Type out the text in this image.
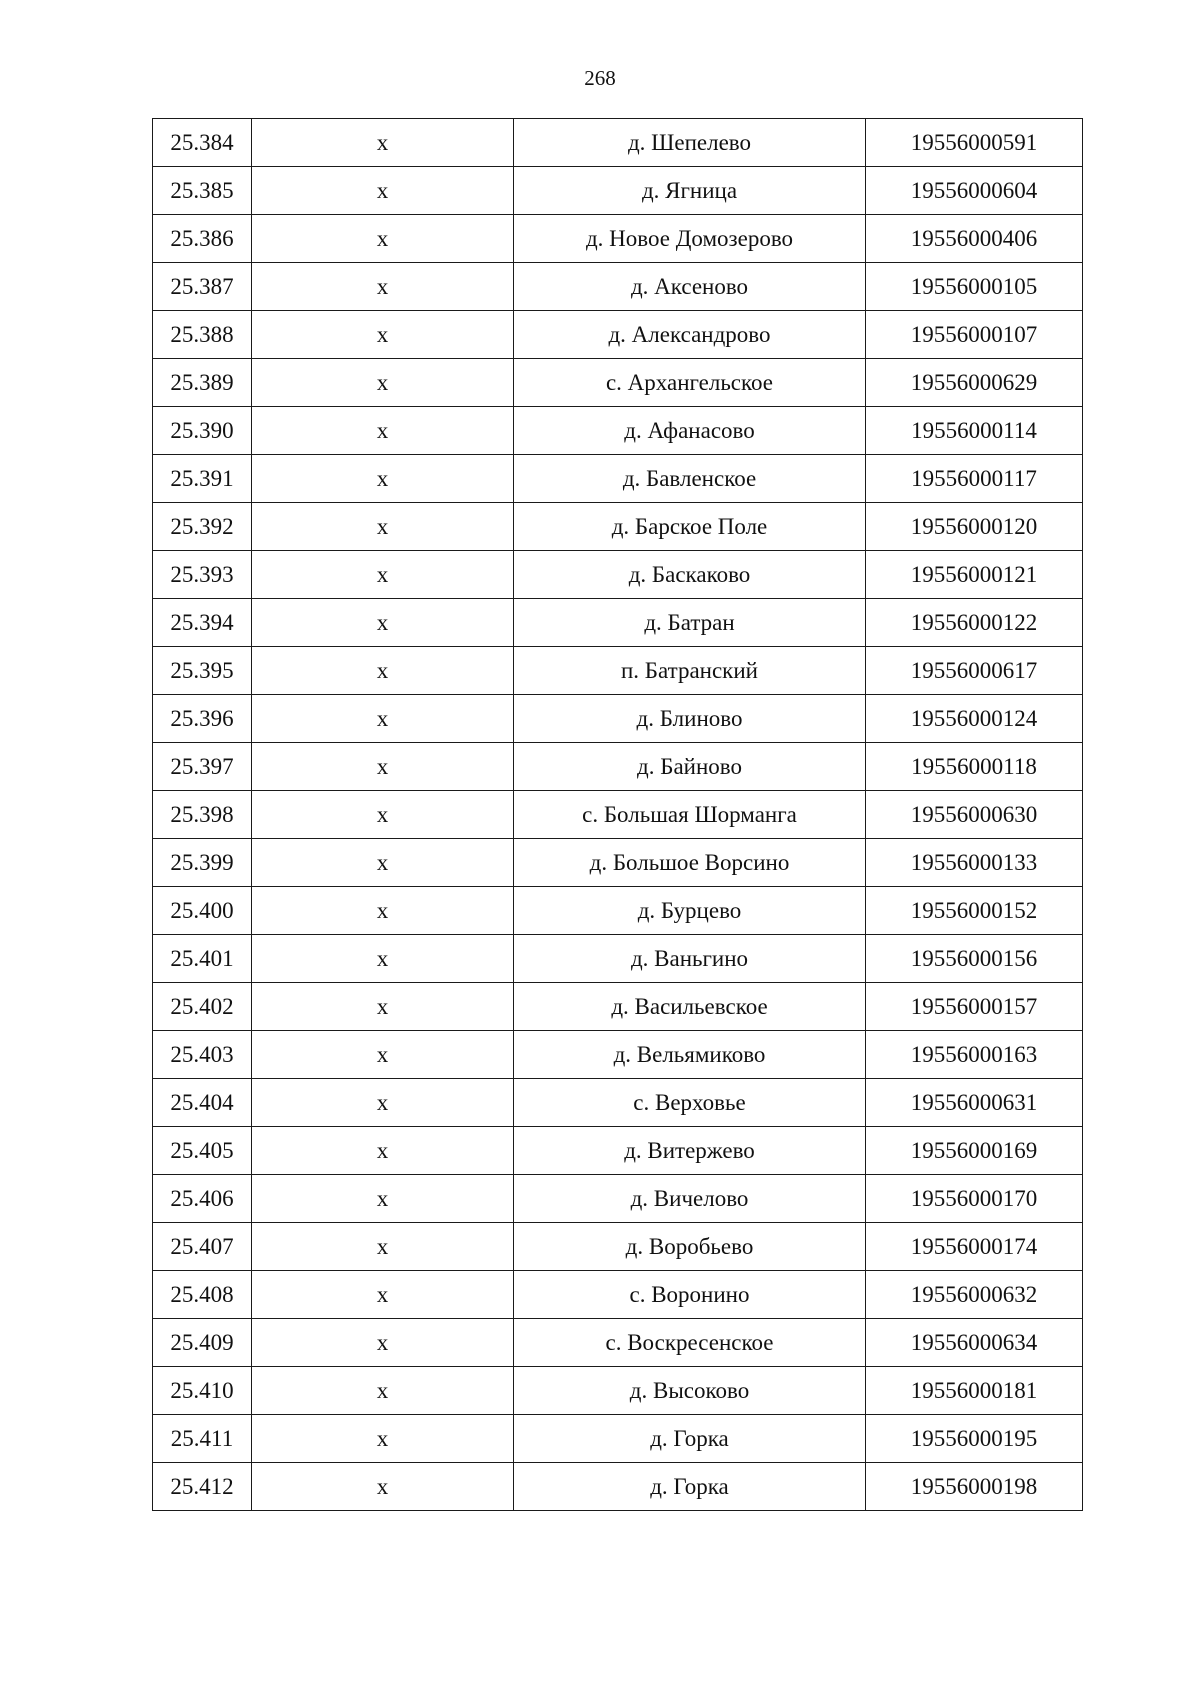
268
25.384	x	д. Шепелево	19556000591
25.385	x	д. Ягница	19556000604
25.386	x	д. Новое Домозерово	19556000406
25.387	x	д. Аксеново	19556000105
25.388	x	д. Александрово	19556000107
25.389	x	с. Архангельское	19556000629
25.390	x	д. Афанасово	19556000114
25.391	x	д. Бавленское	19556000117
25.392	x	д. Барское Поле	19556000120
25.393	x	д. Баскаково	19556000121
25.394	x	д. Батран	19556000122
25.395	x	п. Батранский	19556000617
25.396	x	д. Блиново	19556000124
25.397	x	д. Байново	19556000118
25.398	x	с. Большая Шорманга	19556000630
25.399	x	д. Большое Ворсино	19556000133
25.400	x	д. Бурцево	19556000152
25.401	x	д. Ваньгино	19556000156
25.402	x	д. Васильевское	19556000157
25.403	x	д. Вельямиково	19556000163
25.404	x	с. Верховье	19556000631
25.405	x	д. Витержево	19556000169
25.406	x	д. Вичелово	19556000170
25.407	x	д. Воробьево	19556000174
25.408	x	с. Воронино	19556000632
25.409	x	с. Воскресенское	19556000634
25.410	x	д. Высоково	19556000181
25.411	x	д. Горка	19556000195
25.412	x	д. Горка	19556000198
